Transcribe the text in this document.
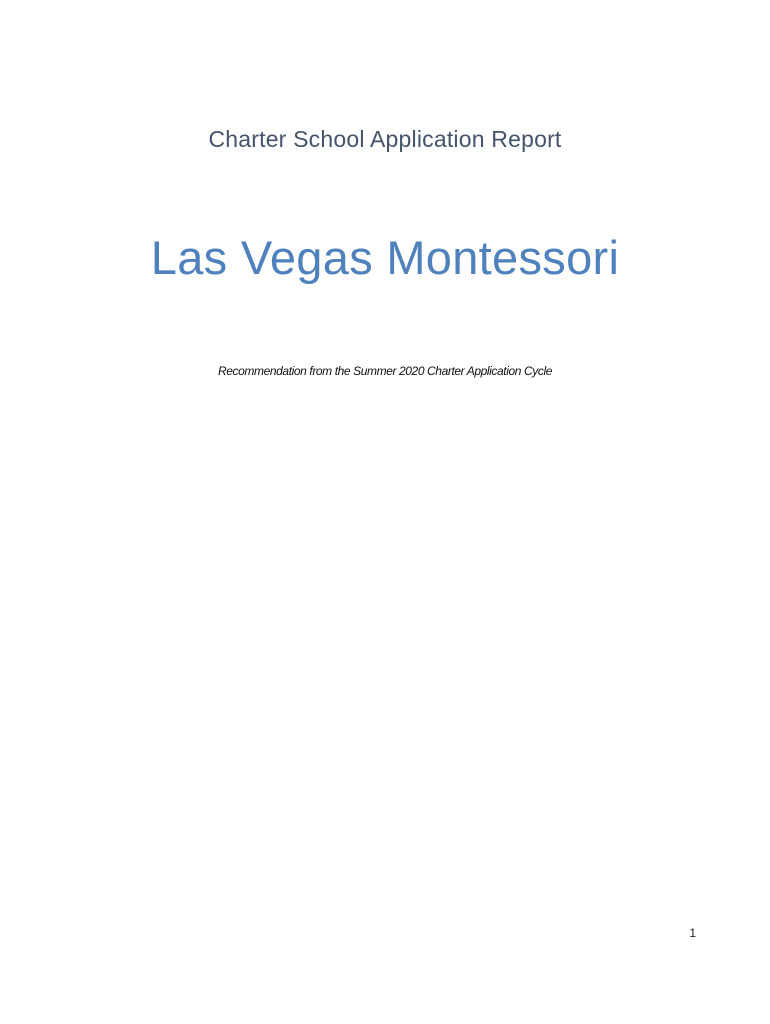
Charter School Application Report

Las Vegas Montessori

Recommendation from the Summer 2020 Charter Application Cycle

1
